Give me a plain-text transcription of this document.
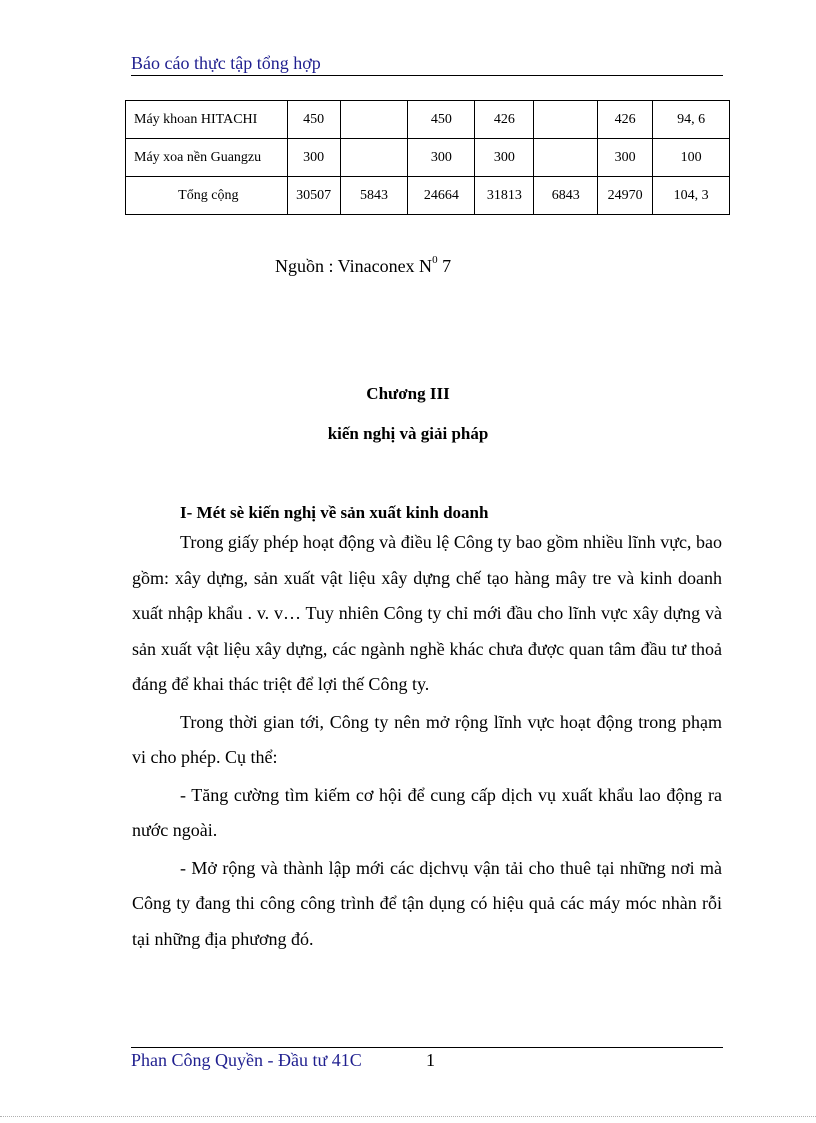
Báo cáo thực tập tổng hợp
Máy khoan HITACHI	450		450	426		426	94, 6
Máy xoa nền Guangzu	300		300	300		300	100
Tổng cộng	30507	5843	24664	31813	6843	24970	104, 3
Nguồn : Vinaconex $N^0$ 7
Chương III
kiến nghị và giải pháp
I- Mét sè kiến nghị về sản xuất kinh doanh

Trong giấy phép hoạt động và điều lệ Công ty bao gồm nhiều lĩnh vực, bao gồm: xây dựng, sản xuất vật liệu xây dựng chế tạo hàng mây tre và kinh doanh xuất nhập khẩu . v. v… Tuy nhiên Công ty chỉ mới đầu cho lĩnh vực xây dựng và sản xuất vật liệu xây dựng, các ngành nghề khác chưa được quan tâm đầu tư thoả đáng để khai thác triệt để lợi thế Công ty.

Trong thời gian tới, Công ty nên mở rộng lĩnh vực hoạt động trong phạm vi cho phép. Cụ thể:

- Tăng cường tìm kiếm cơ hội để cung cấp dịch vụ xuất khẩu lao động ra nước ngoài.

- Mở rộng và thành lập mới các dịchvụ vận tải cho thuê tại những nơi mà Công ty đang thi công công trình để tận dụng có hiệu quả các máy móc nhàn rỗi tại những địa phương đó.

Phan Công Quyền - Đầu tư 41C	1
